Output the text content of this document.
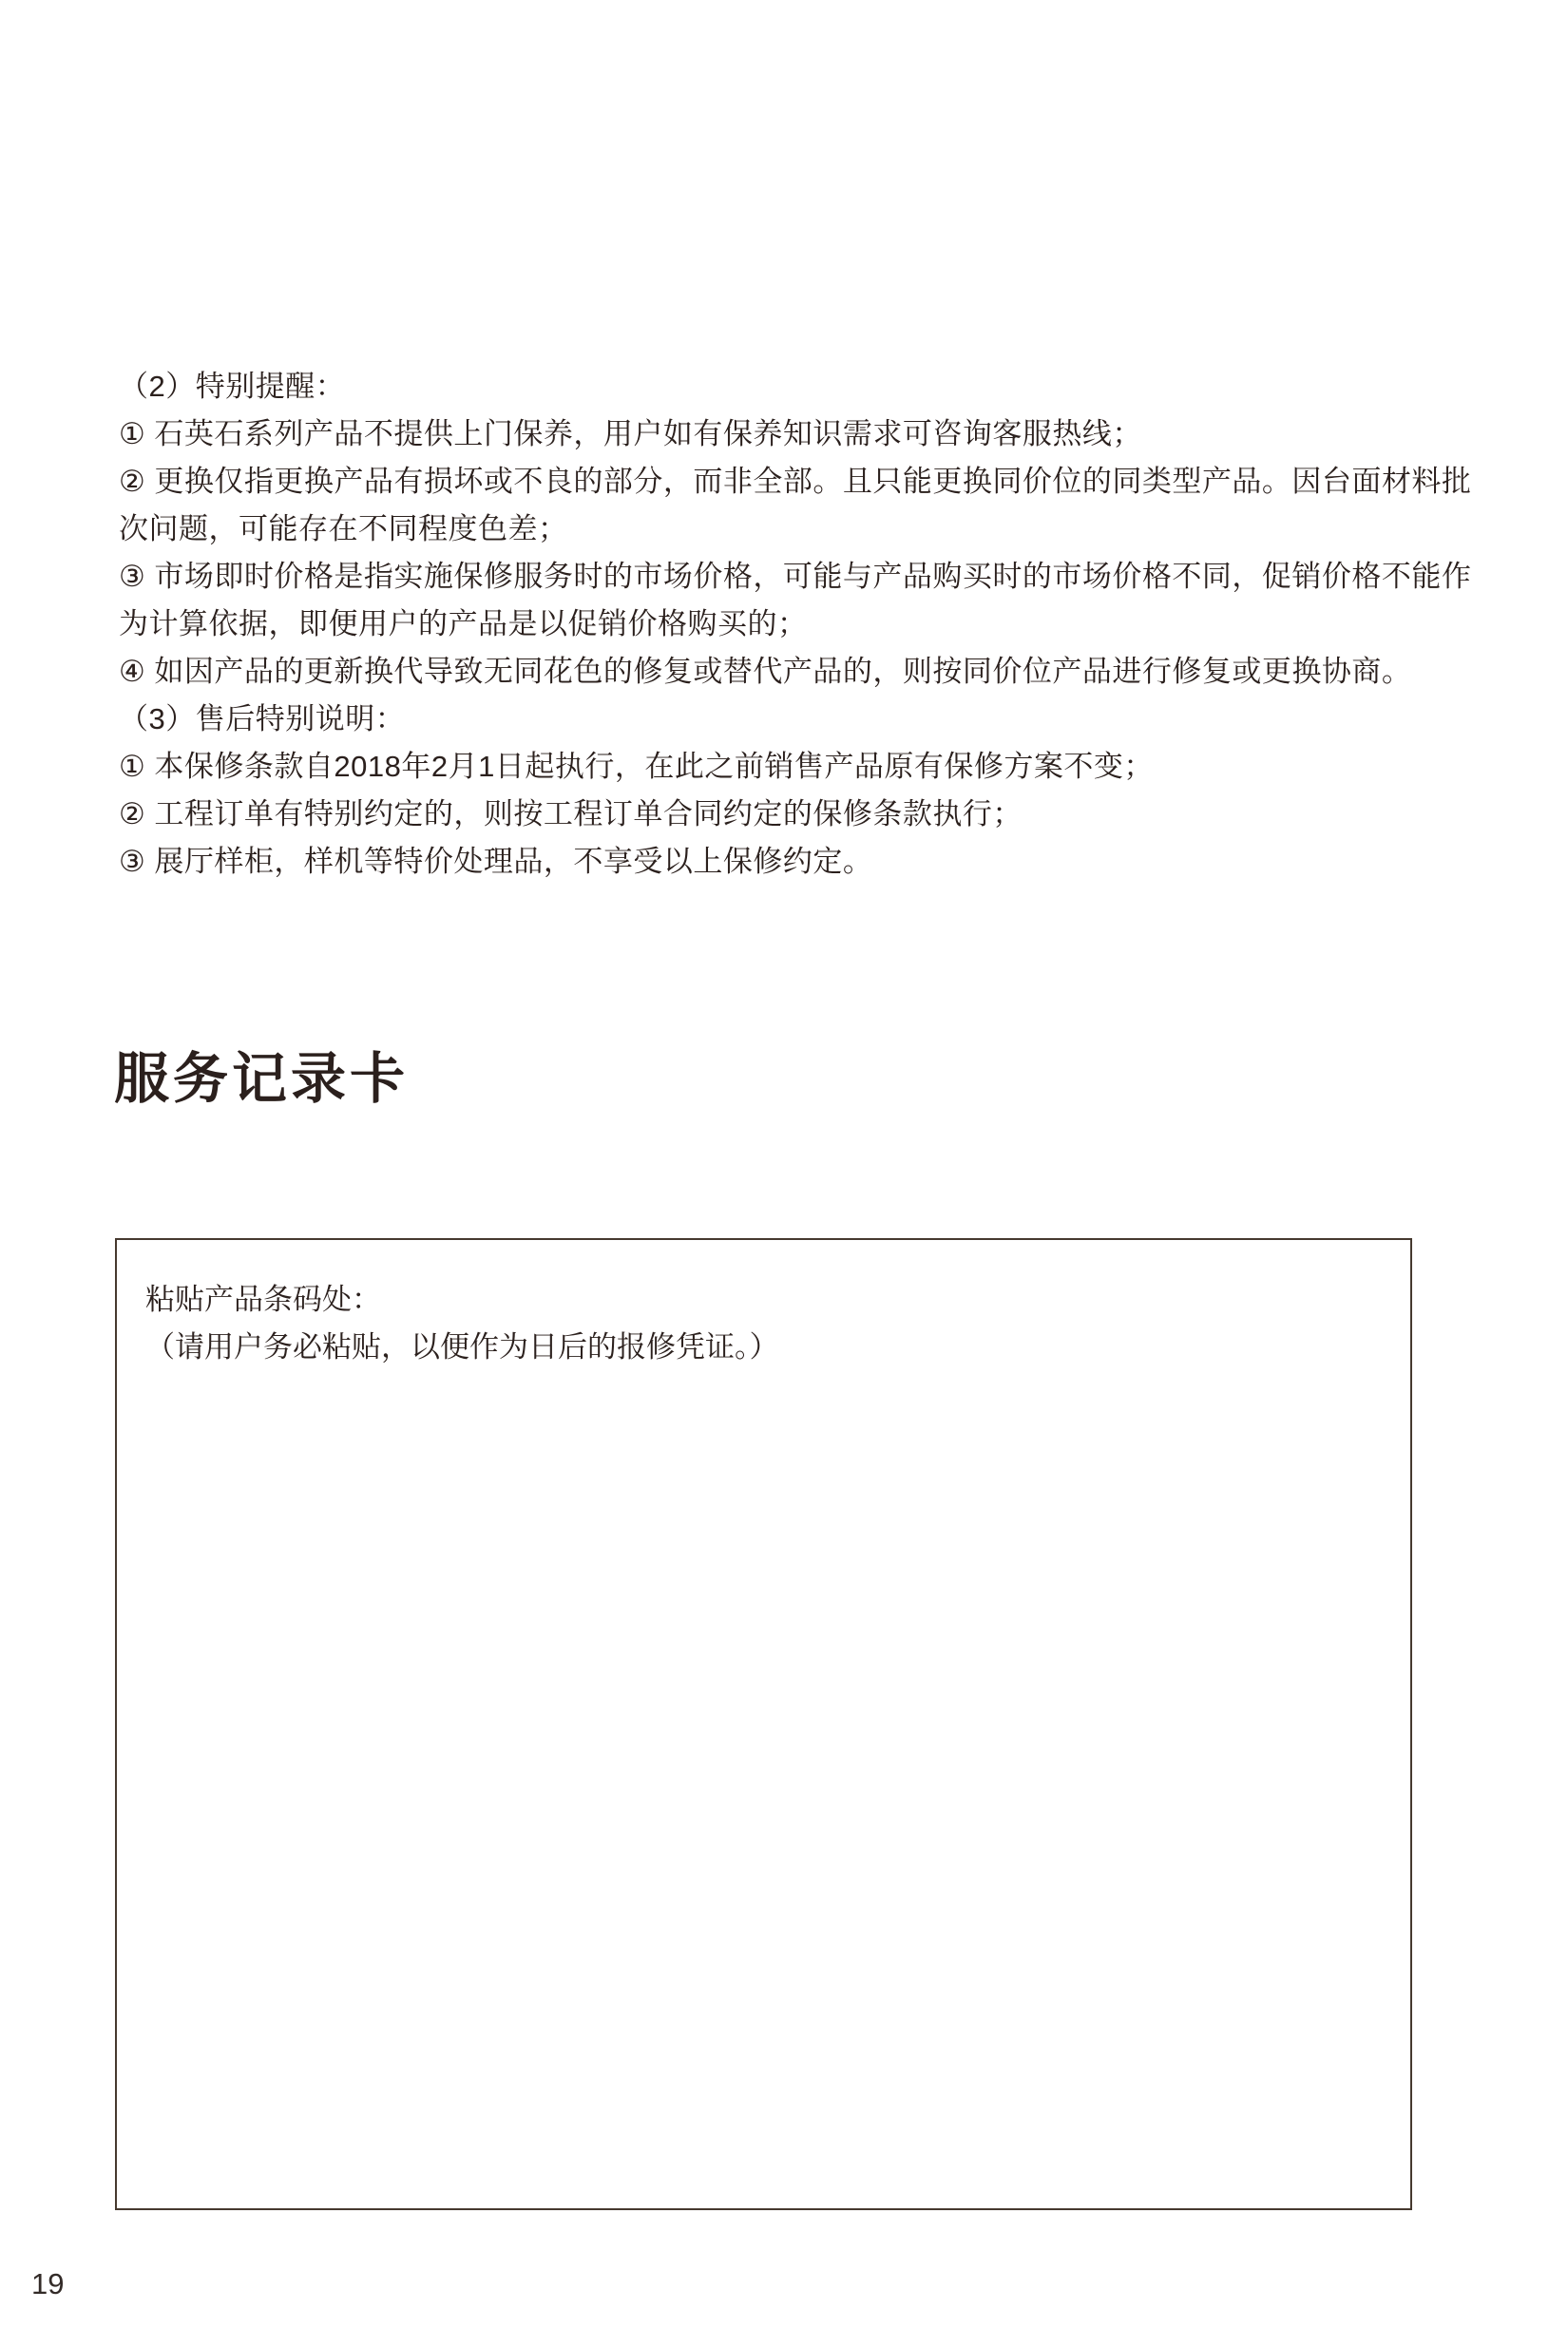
（2）特别提醒：
① 石英石系列产品不提供上门保养，用户如有保养知识需求可咨询客服热线；
② 更换仅指更换产品有损坏或不良的部分，而非全部。且只能更换同价位的同类型产品。因台面材料批
次问题，可能存在不同程度色差；
③ 市场即时价格是指实施保修服务时的市场价格，可能与产品购买时的市场价格不同，促销价格不能作
为计算依据，即便用户的产品是以促销价格购买的；
④ 如因产品的更新换代导致无同花色的修复或替代产品的，则按同价位产品进行修复或更换协商。
（3）售后特别说明：
① 本保修条款自2018年2月1日起执行，在此之前销售产品原有保修方案不变；
② 工程订单有特别约定的，则按工程订单合同约定的保修条款执行；
③ 展厅样柜，样机等特价处理品，不享受以上保修约定。
服务记录卡
粘贴产品条码处：
（请用户务必粘贴，以便作为日后的报修凭证。）
19
